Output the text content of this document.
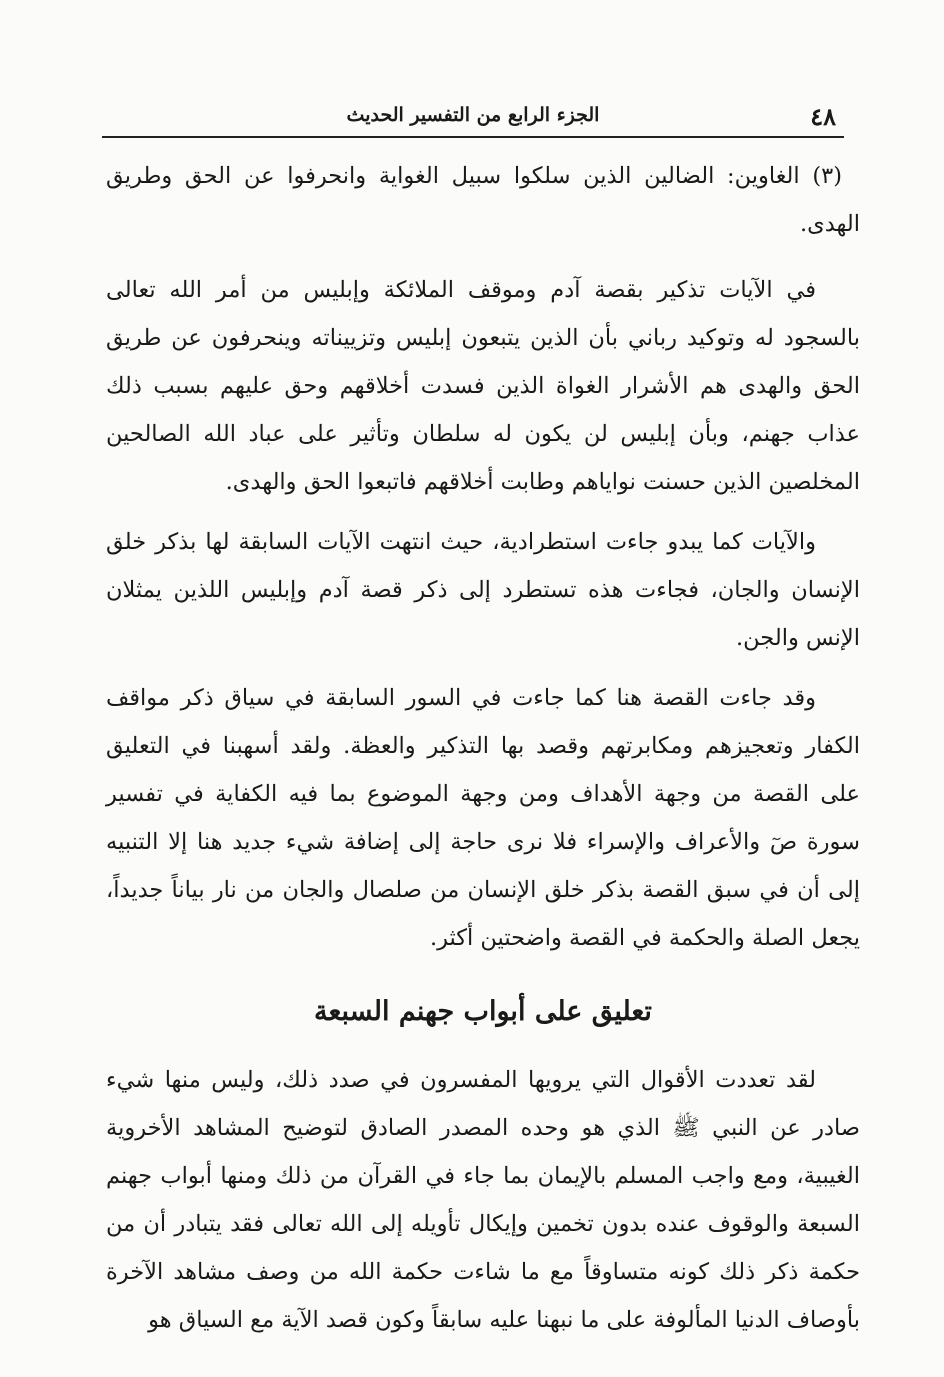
٤٨
الجزء الرابع من التفسير الحديث

(٣) الغاوين: الضالين الذين سلكوا سبيل الغواية وانحرفوا عن الحق وطريق الهدى.

في الآيات تذكير بقصة آدم وموقف الملائكة وإبليس من أمر الله تعالى بالسجود له وتوكيد رباني بأن الذين يتبعون إبليس وتزييناته وينحرفون عن طريق الحق والهدى هم الأشرار الغواة الذين فسدت أخلاقهم وحق عليهم بسبب ذلك عذاب جهنم، وبأن إبليس لن يكون له سلطان وتأثير على عباد الله الصالحين المخلصين الذين حسنت نواياهم وطابت أخلاقهم فاتبعوا الحق والهدى.

والآيات كما يبدو جاءت استطرادية، حيث انتهت الآيات السابقة لها بذكر خلق الإنسان والجان، فجاءت هذه تستطرد إلى ذكر قصة آدم وإبليس اللذين يمثلان الإنس والجن.

وقد جاءت القصة هنا كما جاءت في السور السابقة في سياق ذكر مواقف الكفار وتعجيزهم ومكابرتهم وقصد بها التذكير والعظة. ولقد أسهبنا في التعليق على القصة من وجهة الأهداف ومن وجهة الموضوع بما فيه الكفاية في تفسير سورة صٓ والأعراف والإسراء فلا نرى حاجة إلى إضافة شيء جديد هنا إلا التنبيه إلى أن في سبق القصة بذكر خلق الإنسان من صلصال والجان من نار بياناً جديداً، يجعل الصلة والحكمة في القصة واضحتين أكثر.

تعليق على أبواب جهنم السبعة

لقد تعددت الأقوال التي يرويها المفسرون في صدد ذلك، وليس منها شيء صادر عن النبي ﷺ الذي هو وحده المصدر الصادق لتوضيح المشاهد الأخروية الغيبية، ومع واجب المسلم بالإيمان بما جاء في القرآن من ذلك ومنها أبواب جهنم السبعة والوقوف عنده بدون تخمين وإيكال تأويله إلى الله تعالى فقد يتبادر أن من حكمة ذكر ذلك كونه متساوقاً مع ما شاءت حكمة الله من وصف مشاهد الآخرة بأوصاف الدنيا المألوفة على ما نبهنا عليه سابقاً وكون قصد الآية مع السياق هو
